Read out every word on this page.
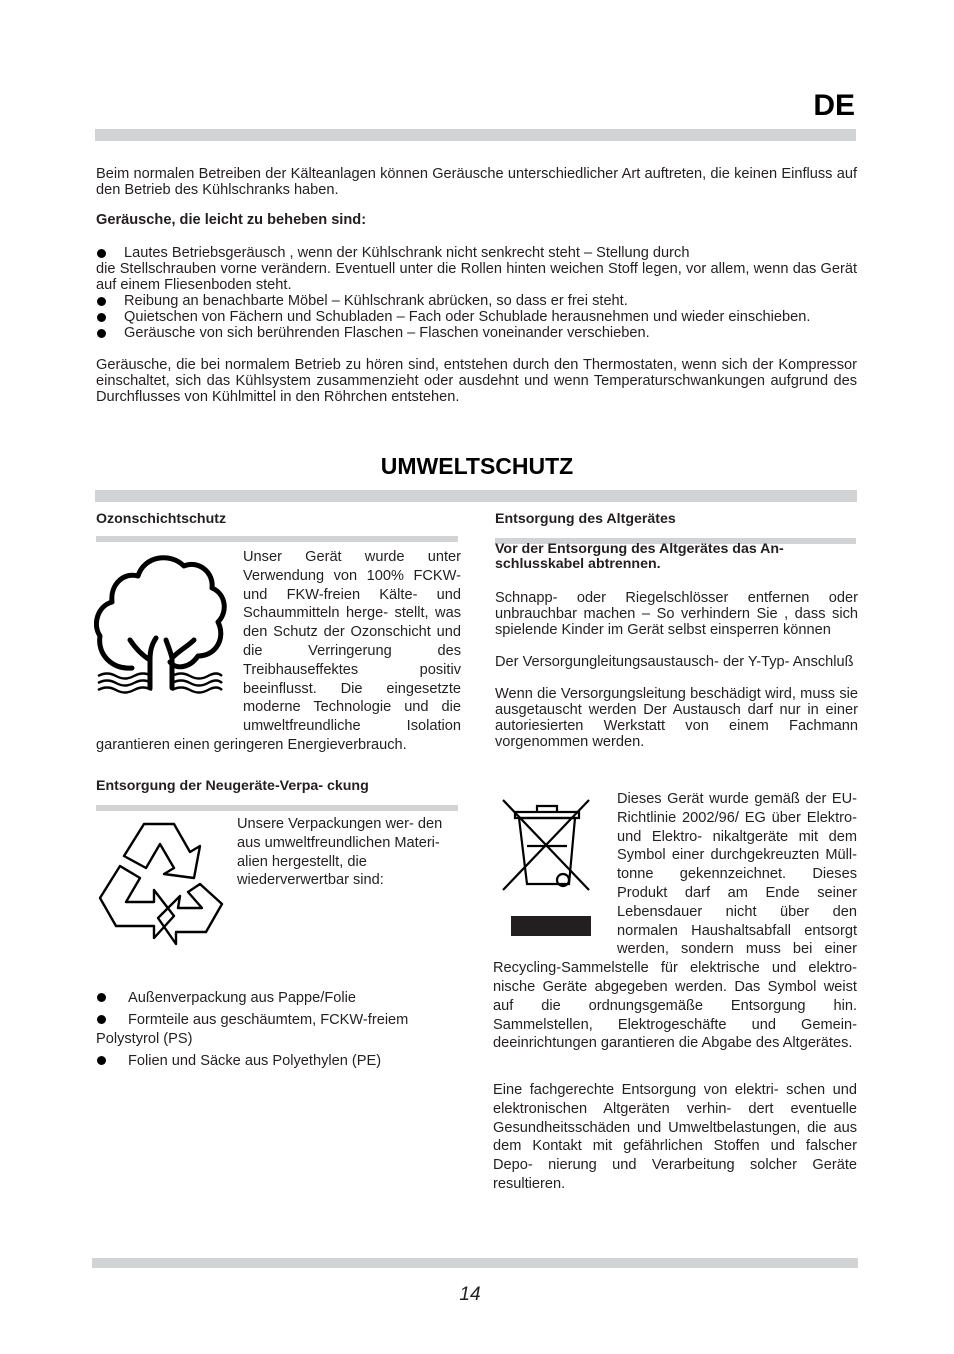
DE
Beim normalen Betreiben der Kälteanlagen können Geräusche unterschiedlicher Art auftreten, die keinen Einfluss auf den Betrieb des Kühlschranks haben.
Geräusche, die leicht zu beheben sind:
Lautes Betriebsgeräusch , wenn der Kühlschrank nicht senkrecht steht – Stellung durch
die Stellschrauben vorne verändern. Eventuell unter die Rollen hinten weichen Stoff legen, vor allem, wenn das Gerät auf einem Fliesenboden steht.
Reibung an benachbarte Möbel – Kühlschrank abrücken, so dass er frei steht.
Quietschen von Fächern und Schubladen – Fach oder Schublade herausnehmen und wieder einschieben.
Geräusche von sich berührenden Flaschen – Flaschen voneinander verschieben.
Geräusche, die bei normalem Betrieb zu hören sind, entstehen durch den Thermostaten, wenn sich der Kompressor einschaltet, sich das Kühlsystem zusammenzieht oder ausdehnt und wenn Temperaturschwankungen aufgrund des Durchflusses von Kühlmittel in den Röhrchen entstehen.
UMWELTSCHUTZ
Ozonschichtschutz
Unser Gerät wurde unter Verwendung von 100% FCKW- und FKW-freien Kälte- und Schaummitteln herge- stellt, was den Schutz der Ozonschicht und die Verringerung des Treibhauseffektes positiv beeinflusst. Die eingesetzte moderne Technologie und die umweltfreundliche Isolation garantieren einen geringeren Energieverbrauch.
Entsorgung der Neugeräte-Verpa- ckung
Unsere Verpackungen wer- den aus umweltfreundlichen Materi- alien hergestellt, die wiederverwertbar sind:
Außenverpackung aus Pappe/Folie
Formteile aus geschäumtem, FCKW-freiem Polystyrol (PS)
Folien und Säcke aus Polyethylen (PE)
Entsorgung des Altgerätes
Vor der Entsorgung des Altgerätes das An- schlusskabel abtrennen.
Schnapp- oder Riegelschlösser entfernen oder unbrauchbar machen – So verhindern Sie , dass sich spielende Kinder im Gerät selbst einsperren können
Der Versorgungleitungsaustausch- der Y-Typ- Anschluß
Wenn die Versorgungsleitung beschädigt wird, muss sie ausgetauscht werden Der Austausch darf nur in einer autoriesierten Werkstatt von einem Fachmann vorgenommen werden.
Dieses Gerät wurde gemäß der EU-Richtlinie 2002/96/ EG über Elektro- und Elektro- nikaltgeräte mit dem Symbol einer durchgekreuzten Müll- tonne gekennzeichnet. Dieses Produkt darf am Ende seiner Lebensdauer nicht über den normalen Haushaltsabfall entsorgt werden, sondern muss bei einer Recycling-Sammelstelle für elektrische und elektro- nische Geräte abgegeben werden. Das Symbol weist auf die ordnungsgemäße Entsorgung hin. Sammelstellen, Elektrogeschäfte und Gemein- deeinrichtungen garantieren die Abgabe des Altgerätes.
Eine fachgerechte Entsorgung von elektri- schen und elektronischen Altgeräten verhin- dert eventuelle Gesundheitsschäden und Umweltbelastungen, die aus dem Kontakt mit gefährlichen Stoffen und falscher Depo- nierung und Verarbeitung solcher Geräte resultieren.
14
